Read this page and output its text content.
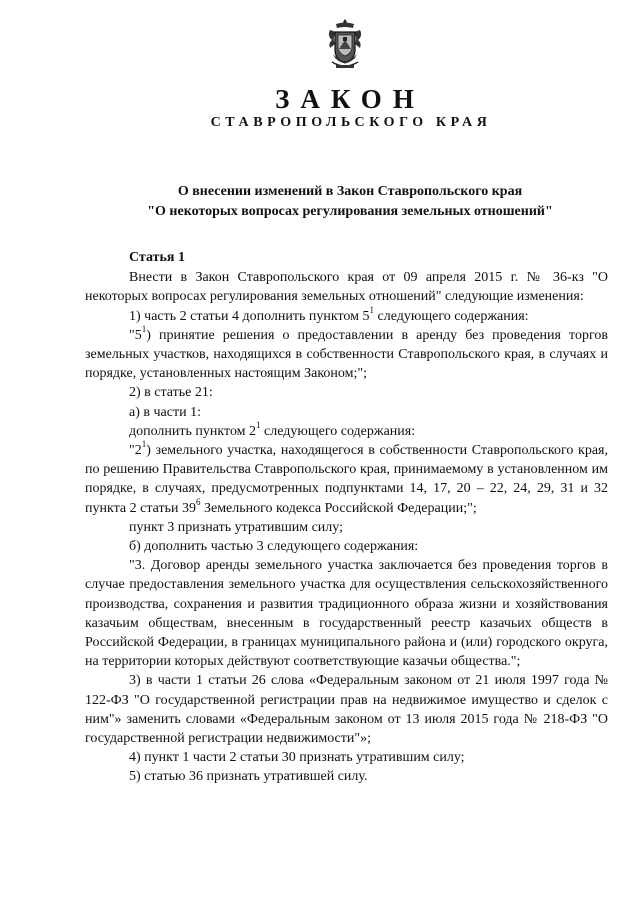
ЗАКОН
СТАВРОПОЛЬСКОГО КРАЯ
О внесении изменений в Закон Ставропольского края
"О некоторых вопросах регулирования земельных отношений"
Статья 1

Внести в Закон Ставропольского края от 09 апреля 2015 г. № 36-кз "О некоторых вопросах регулирования земельных отношений" следующие изменения:

1) часть 2 статьи 4 дополнить пунктом $5^1$ следующего содержания:

"$5^1$) принятие решения о предоставлении в аренду без проведения торгов земельных участков, находящихся в собственности Ставропольского края, в случаях и порядке, установленных настоящим Законом;";

2) в статье 21:

а) в части 1:

дополнить пунктом $2^1$ следующего содержания:

"$2^1$) земельного участка, находящегося в собственности Ставропольского края, по решению Правительства Ставропольского края, принимаемому в установленном им порядке, в случаях, предусмотренных подпунктами 14, 17, 20 – 22, 24, 29, 31 и 32 пункта 2 статьи $39^6$ Земельного кодекса Российской Федерации;";

пункт 3 признать утратившим силу;

б) дополнить частью 3 следующего содержания:

"3. Договор аренды земельного участка заключается без проведения торгов в случае предоставления земельного участка для осуществления сельскохозяйственного производства, сохранения и развития традиционного образа жизни и хозяйствования казачьим обществам, внесенным в государственный реестр казачьих обществ в Российской Федерации, в границах муниципального района и (или) городского округа, на территории которых действуют соответствующие казачьи общества.";

3) в части 1 статьи 26 слова «Федеральным законом от 21 июля 1997 года № 122-ФЗ "О государственной регистрации прав на недвижимое имущество и сделок с ним"» заменить словами «Федеральным законом от 13 июля 2015 года № 218-ФЗ "О государственной регистрации недвижимости"»;

4) пункт 1 части 2 статьи 30 признать утратившим силу;

5) статью 36 признать утратившей силу.
